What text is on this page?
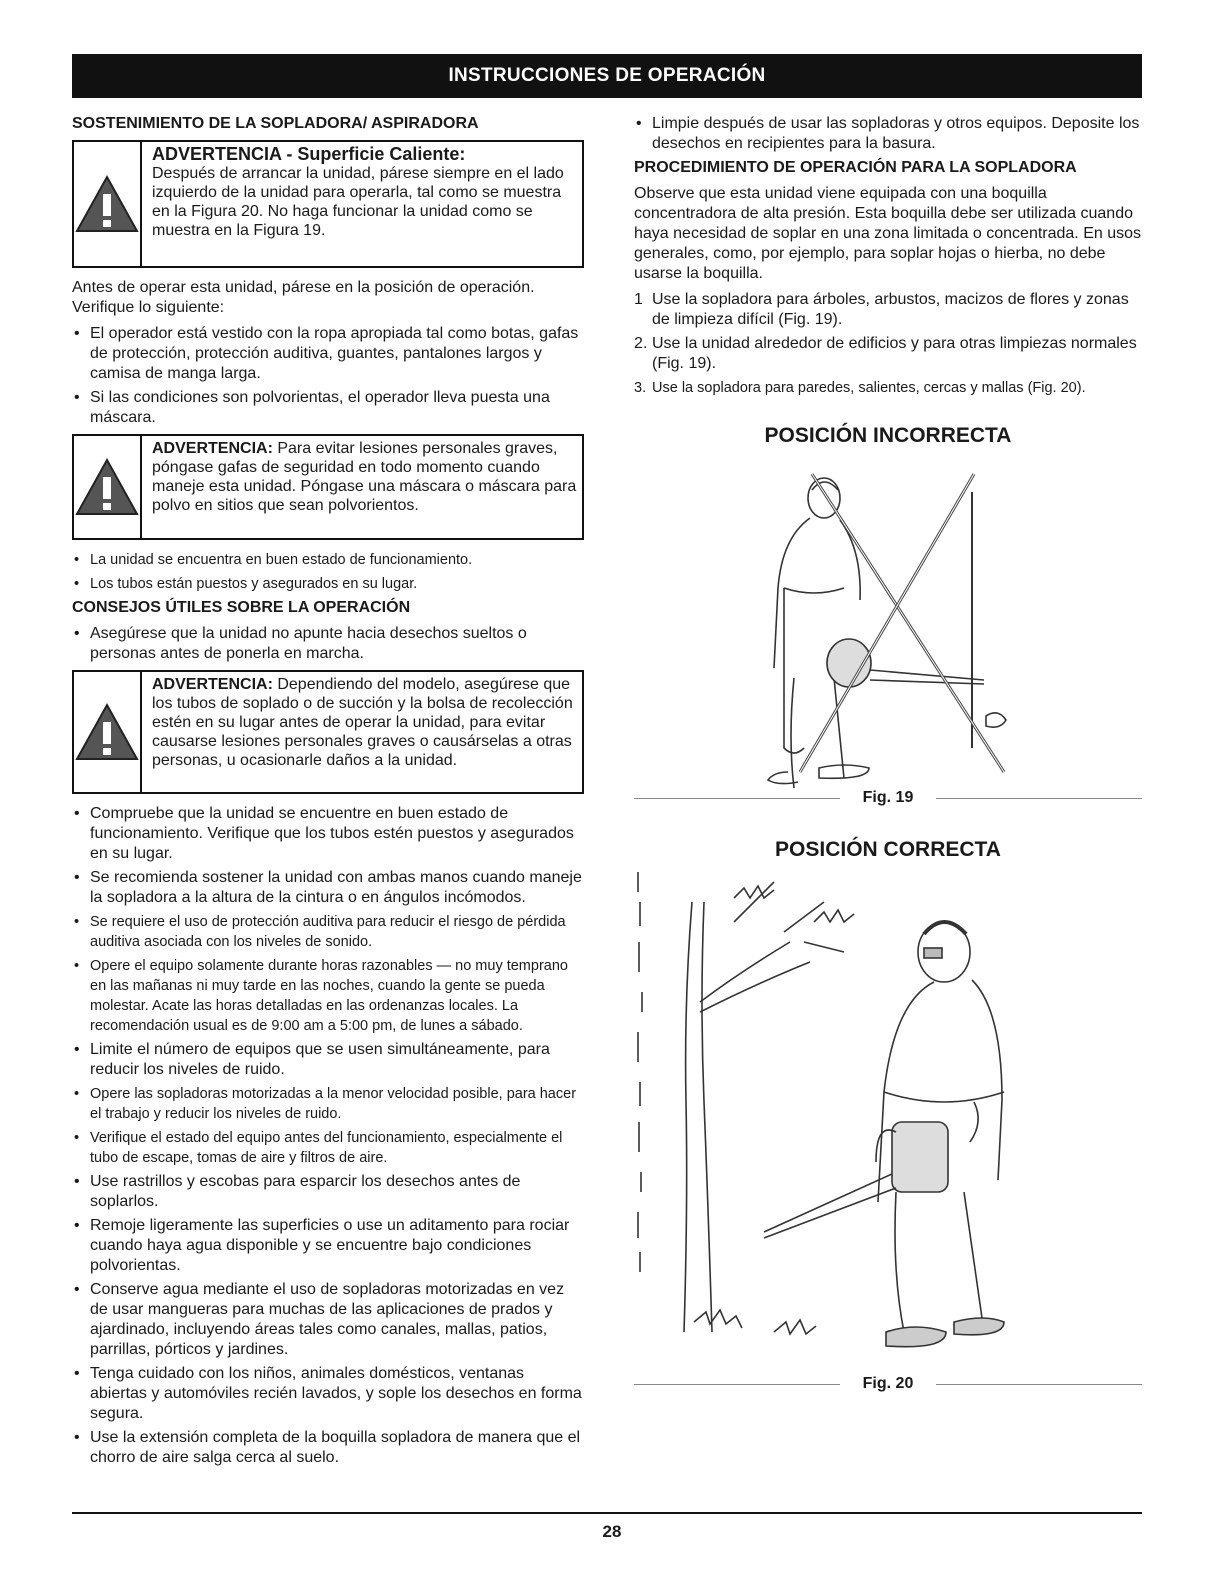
INSTRUCCIONES DE OPERACIÓN
SOSTENIMIENTO DE LA SOPLADORA/ ASPIRADORA
ADVERTENCIA - Superficie Caliente:
Después de arrancar la unidad, párese siempre en el lado izquierdo de la unidad para operarla, tal como se muestra en la Figura 20. No haga funcionar la unidad como se muestra en la Figura 19.

Antes de operar esta unidad, párese en la posición de operación. Verifique lo siguiente:

• El operador está vestido con la ropa apropiada tal como botas, gafas de protección, protección auditiva, guantes, pantalones largos y camisa de manga larga.
• Si las condiciones son polvorientas, el operador lleva puesta una máscara.
ADVERTENCIA: Para evitar lesiones personales graves, póngase gafas de seguridad en todo momento cuando maneje esta unidad. Póngase una máscara o máscara para polvo en sitios que sean polvorientos.
• La unidad se encuentra en buen estado de funcionamiento.
• Los tubos están puestos y asegurados en su lugar.
CONSEJOS ÚTILES SOBRE LA OPERACIÓN
• Asegúrese que la unidad no apunte hacia desechos sueltos o personas antes de ponerla en marcha.
ADVERTENCIA: Dependiendo del modelo, asegúrese que los tubos de soplado o de succión y la bolsa de recolección estén en su lugar antes de operar la unidad, para evitar causarse lesiones personales graves o causárselas a otras personas, u ocasionarle daños a la unidad.
• Compruebe que la unidad se encuentre en buen estado de funcionamiento. Verifique que los tubos estén puestos y asegurados en su lugar.
• Se recomienda sostener la unidad con ambas manos cuando maneje la sopladora a la altura de la cintura o en ángulos incómodos.
• Se requiere el uso de protección auditiva para reducir el riesgo de pérdida auditiva asociada con los niveles de sonido.
• Opere el equipo solamente durante horas razonables — no muy temprano en las mañanas ni muy tarde en las noches, cuando la gente se pueda molestar. Acate las horas detalladas en las ordenanzas locales. La recomendación usual es de 9:00 am a 5:00 pm, de lunes a sábado.
• Limite el número de equipos que se usen simultáneamente, para reducir los niveles de ruido.
• Opere las sopladoras motorizadas a la menor velocidad posible, para hacer el trabajo y reducir los niveles de ruido.
• Verifique el estado del equipo antes del funcionamiento, especialmente el tubo de escape, tomas de aire y filtros de aire.
• Use rastrillos y escobas para esparcir los desechos antes de soplarlos.
• Remoje ligeramente las superficies o use un aditamento para rociar cuando haya agua disponible y se encuentre bajo condiciones polvorientas.
• Conserve agua mediante el uso de sopladoras motorizadas en vez de usar mangueras para muchas de las aplicaciones de prados y ajardinado, incluyendo áreas tales como canales, mallas, patios, parrillas, pórticos y jardines.
• Tenga cuidado con los niños, animales domésticos, ventanas abiertas y automóviles recién lavados, y sople los desechos en forma segura.
• Use la extensión completa de la boquilla sopladora de manera que el chorro de aire salga cerca al suelo.
• Limpie después de usar las sopladoras y otros equipos. Deposite los desechos en recipientes para la basura.
PROCEDIMIENTO DE OPERACIÓN PARA LA SOPLADORA

Observe que esta unidad viene equipada con una boquilla concentradora de alta presión. Esta boquilla debe ser utilizada cuando haya necesidad de soplar en una zona limitada o concentrada. En usos generales, como, por ejemplo, para soplar hojas o hierba, no debe usarse la boquilla.

1 Use la sopladora para árboles, arbustos, macizos de flores y zonas de limpieza difícil (Fig. 19).
2. Use la unidad alrededor de edificios y para otras limpiezas normales (Fig. 19).
3. Use la sopladora para paredes, salientes, cercas y mallas (Fig. 20).
POSICIÓN INCORRECTA
Fig. 19
POSICIÓN CORRECTA
Fig. 20
28
